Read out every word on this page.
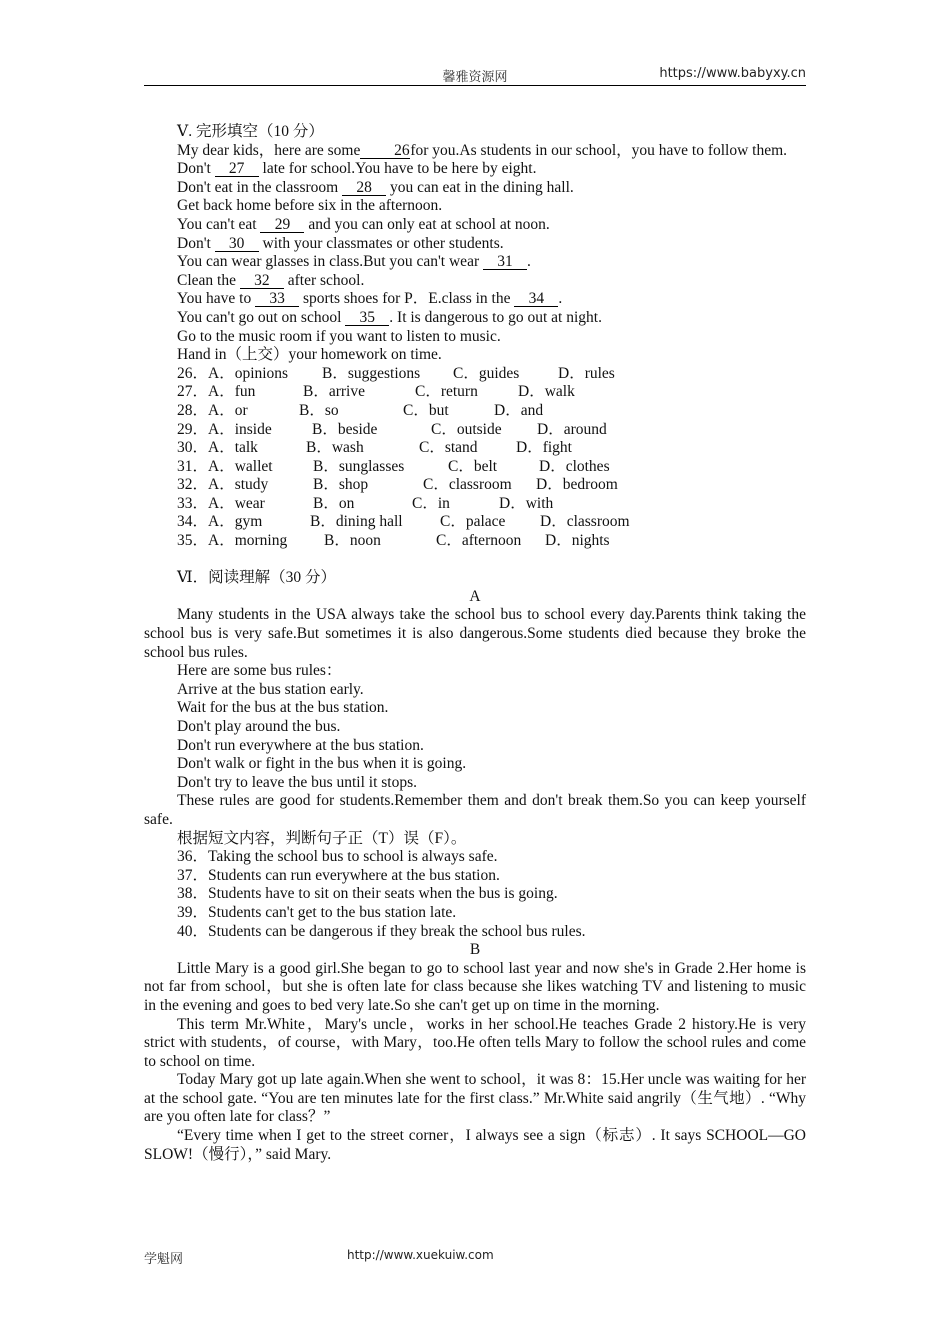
馨雅资源网	https://www.babyxy.cn

Ⅴ. 完形填空（10 分）

My dear kids，here are some 26for you.As students in our school，you have to follow them.

Don't 27 late for school.You have to be here by eight.

Don't eat in the classroom 28 you can eat in the dining hall.

Get back home before six in the afternoon.

You can't eat 29 and you can only eat at school at noon.

Don't 30 with your classmates or other students.

You can wear glasses in class.But you can't wear 31 .

Clean the 32 after school.

You have to 33 sports shoes for P．E.class in the 34 .

You can't go out on school 35 . It is dangerous to go out at night.

Go to the music room if you want to listen to music.

Hand in（上交）your homework on time.

26．A．opinions B．suggestions C．guides D．rules
27．A．fun	B．arrive	C．return	D．walk
28．A．or	B．so	C．but	D．and
29．A．inside	B．beside	C．outside D．around
30．A．talk	B．wash	C．stand D．fight
31．A．wallet	B．sunglasses	C．belt	D．clothes
32．A．study	B．shop	C．classroom D．bedroom
33．A．wear	B．on	C．in	D．with
34．A．gym	B．dining hall C．palace D．classroom
35．A．morning B．noon	C．afternoon D．nights

Ⅵ．阅读理解（30 分）

A

Many students in the USA always take the school bus to school every day.Parents think taking the school bus is very safe.But sometimes it is also dangerous.Some students died because they broke the school bus rules.

Here are some bus rules：

Arrive at the bus station early.

Wait for the bus at the bus station.

Don't play around the bus.

Don't run everywhere at the bus station.

Don't walk or fight in the bus when it is going.

Don't try to leave the bus until it stops.

These rules are good for students.Remember them and don't break them.So you can keep yourself safe.

根据短文内容，判断句子正（T）误（F）。

36．Taking the school bus to school is always safe.

37．Students can run everywhere at the bus station.

38．Students have to sit on their seats when the bus is going.

39．Students can't get to the bus station late.

40．Students can be dangerous if they break the school bus rules.

B

Little Mary is a good girl.She began to go to school last year and now she's in Grade 2.Her home is not far from school，but she is often late for class because she likes watching TV and listening to music in the evening and goes to bed very late.So she can't get up on time in the morning.

This term Mr.White，Mary's uncle，works in her school.He teaches Grade 2 history.He is very strict with students，of course，with Mary，too.He often tells Mary to follow the school rules and come to school on time.

Today Mary got up late again.When she went to school，it was 8：15.Her uncle was waiting for her at the school gate. “You are ten minutes late for the first class.” Mr.White said angrily（生气地）. “Why are you often late for class？”

“Every time when I get to the street corner，I always see a sign（标志）. It says SCHOOL—GO SLOW!（慢行），” said Mary.

学魁网	http://www.xuekuiw.com
